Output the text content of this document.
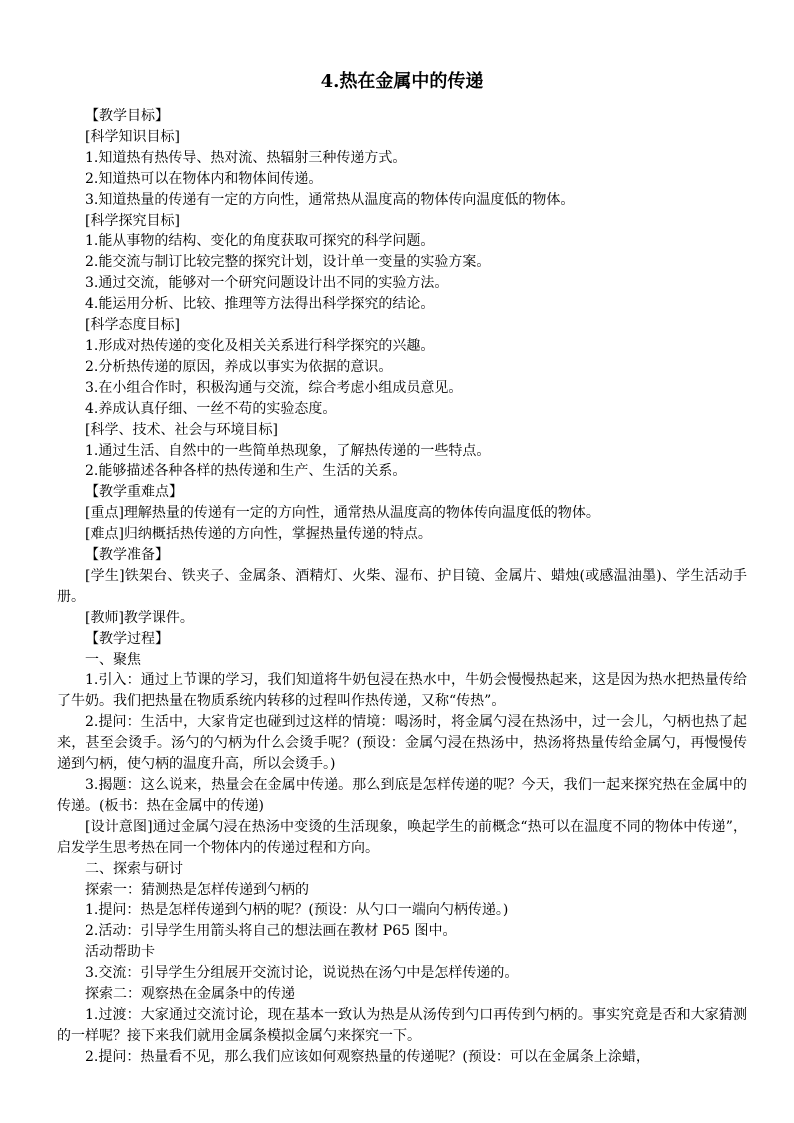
4.热在金属中的传递

【教学目标】

[科学知识目标]

1.知道热有热传导、热对流、热辐射三种传递方式。

2.知道热可以在物体内和物体间传递。

3.知道热量的传递有一定的方向性，通常热从温度高的物体传向温度低的物体。

[科学探究目标]

1.能从事物的结构、变化的角度获取可探究的科学问题。

2.能交流与制订比较完整的探究计划，设计单一变量的实验方案。

3.通过交流，能够对一个研究问题设计出不同的实验方法。

4.能运用分析、比较、推理等方法得出科学探究的结论。

[科学态度目标]

1.形成对热传递的变化及相关关系进行科学探究的兴趣。

2.分析热传递的原因，养成以事实为依据的意识。

3.在小组合作时，积极沟通与交流，综合考虑小组成员意见。

4.养成认真仔细、一丝不苟的实验态度。

[科学、技术、社会与环境目标]

1.通过生活、自然中的一些简单热现象，了解热传递的一些特点。

2.能够描述各种各样的热传递和生产、生活的关系。

【教学重难点】

[重点]理解热量的传递有一定的方向性，通常热从温度高的物体传向温度低的物体。

[难点]归纳概括热传递的方向性，掌握热量传递的特点。

【教学准备】

[学生]铁架台、铁夹子、金属条、酒精灯、火柴、湿布、护目镜、金属片、蜡烛(或感温油墨)、学生活动手册。

[教师]教学课件。

【教学过程】

一、聚焦

1.引入：通过上节课的学习，我们知道将牛奶包浸在热水中，牛奶会慢慢热起来，这是因为热水把热量传给了牛奶。我们把热量在物质系统内转移的过程叫作热传递，又称“传热”。

2.提问：生活中，大家肯定也碰到过这样的情境：喝汤时，将金属勺浸在热汤中，过一会儿，勺柄也热了起来，甚至会烫手。汤勺的勺柄为什么会烫手呢？(预设：金属勺浸在热汤中，热汤将热量传给金属勺，再慢慢传递到勺柄，使勺柄的温度升高，所以会烫手。)

3.揭题：这么说来，热量会在金属中传递。那么到底是怎样传递的呢？今天，我们一起来探究热在金属中的传递。(板书：热在金属中的传递)

[设计意图]通过金属勺浸在热汤中变烫的生活现象，唤起学生的前概念“热可以在温度不同的物体中传递”，启发学生思考热在同一个物体内的传递过程和方向。

二、探索与研讨

探索一：猜测热是怎样传递到勺柄的

1.提问：热是怎样传递到勺柄的呢？(预设：从勺口一端向勺柄传递。)

2.活动：引导学生用箭头将自己的想法画在教材 P65 图中。

活动帮助卡

3.交流：引导学生分组展开交流讨论，说说热在汤勺中是怎样传递的。

探索二：观察热在金属条中的传递

1.过渡：大家通过交流讨论，现在基本一致认为热是从汤传到勺口再传到勺柄的。事实究竟是否和大家猜测的一样呢？接下来我们就用金属条模拟金属勺来探究一下。

2.提问：热量看不见，那么我们应该如何观察热量的传递呢？(预设：可以在金属条上涂蜡，
